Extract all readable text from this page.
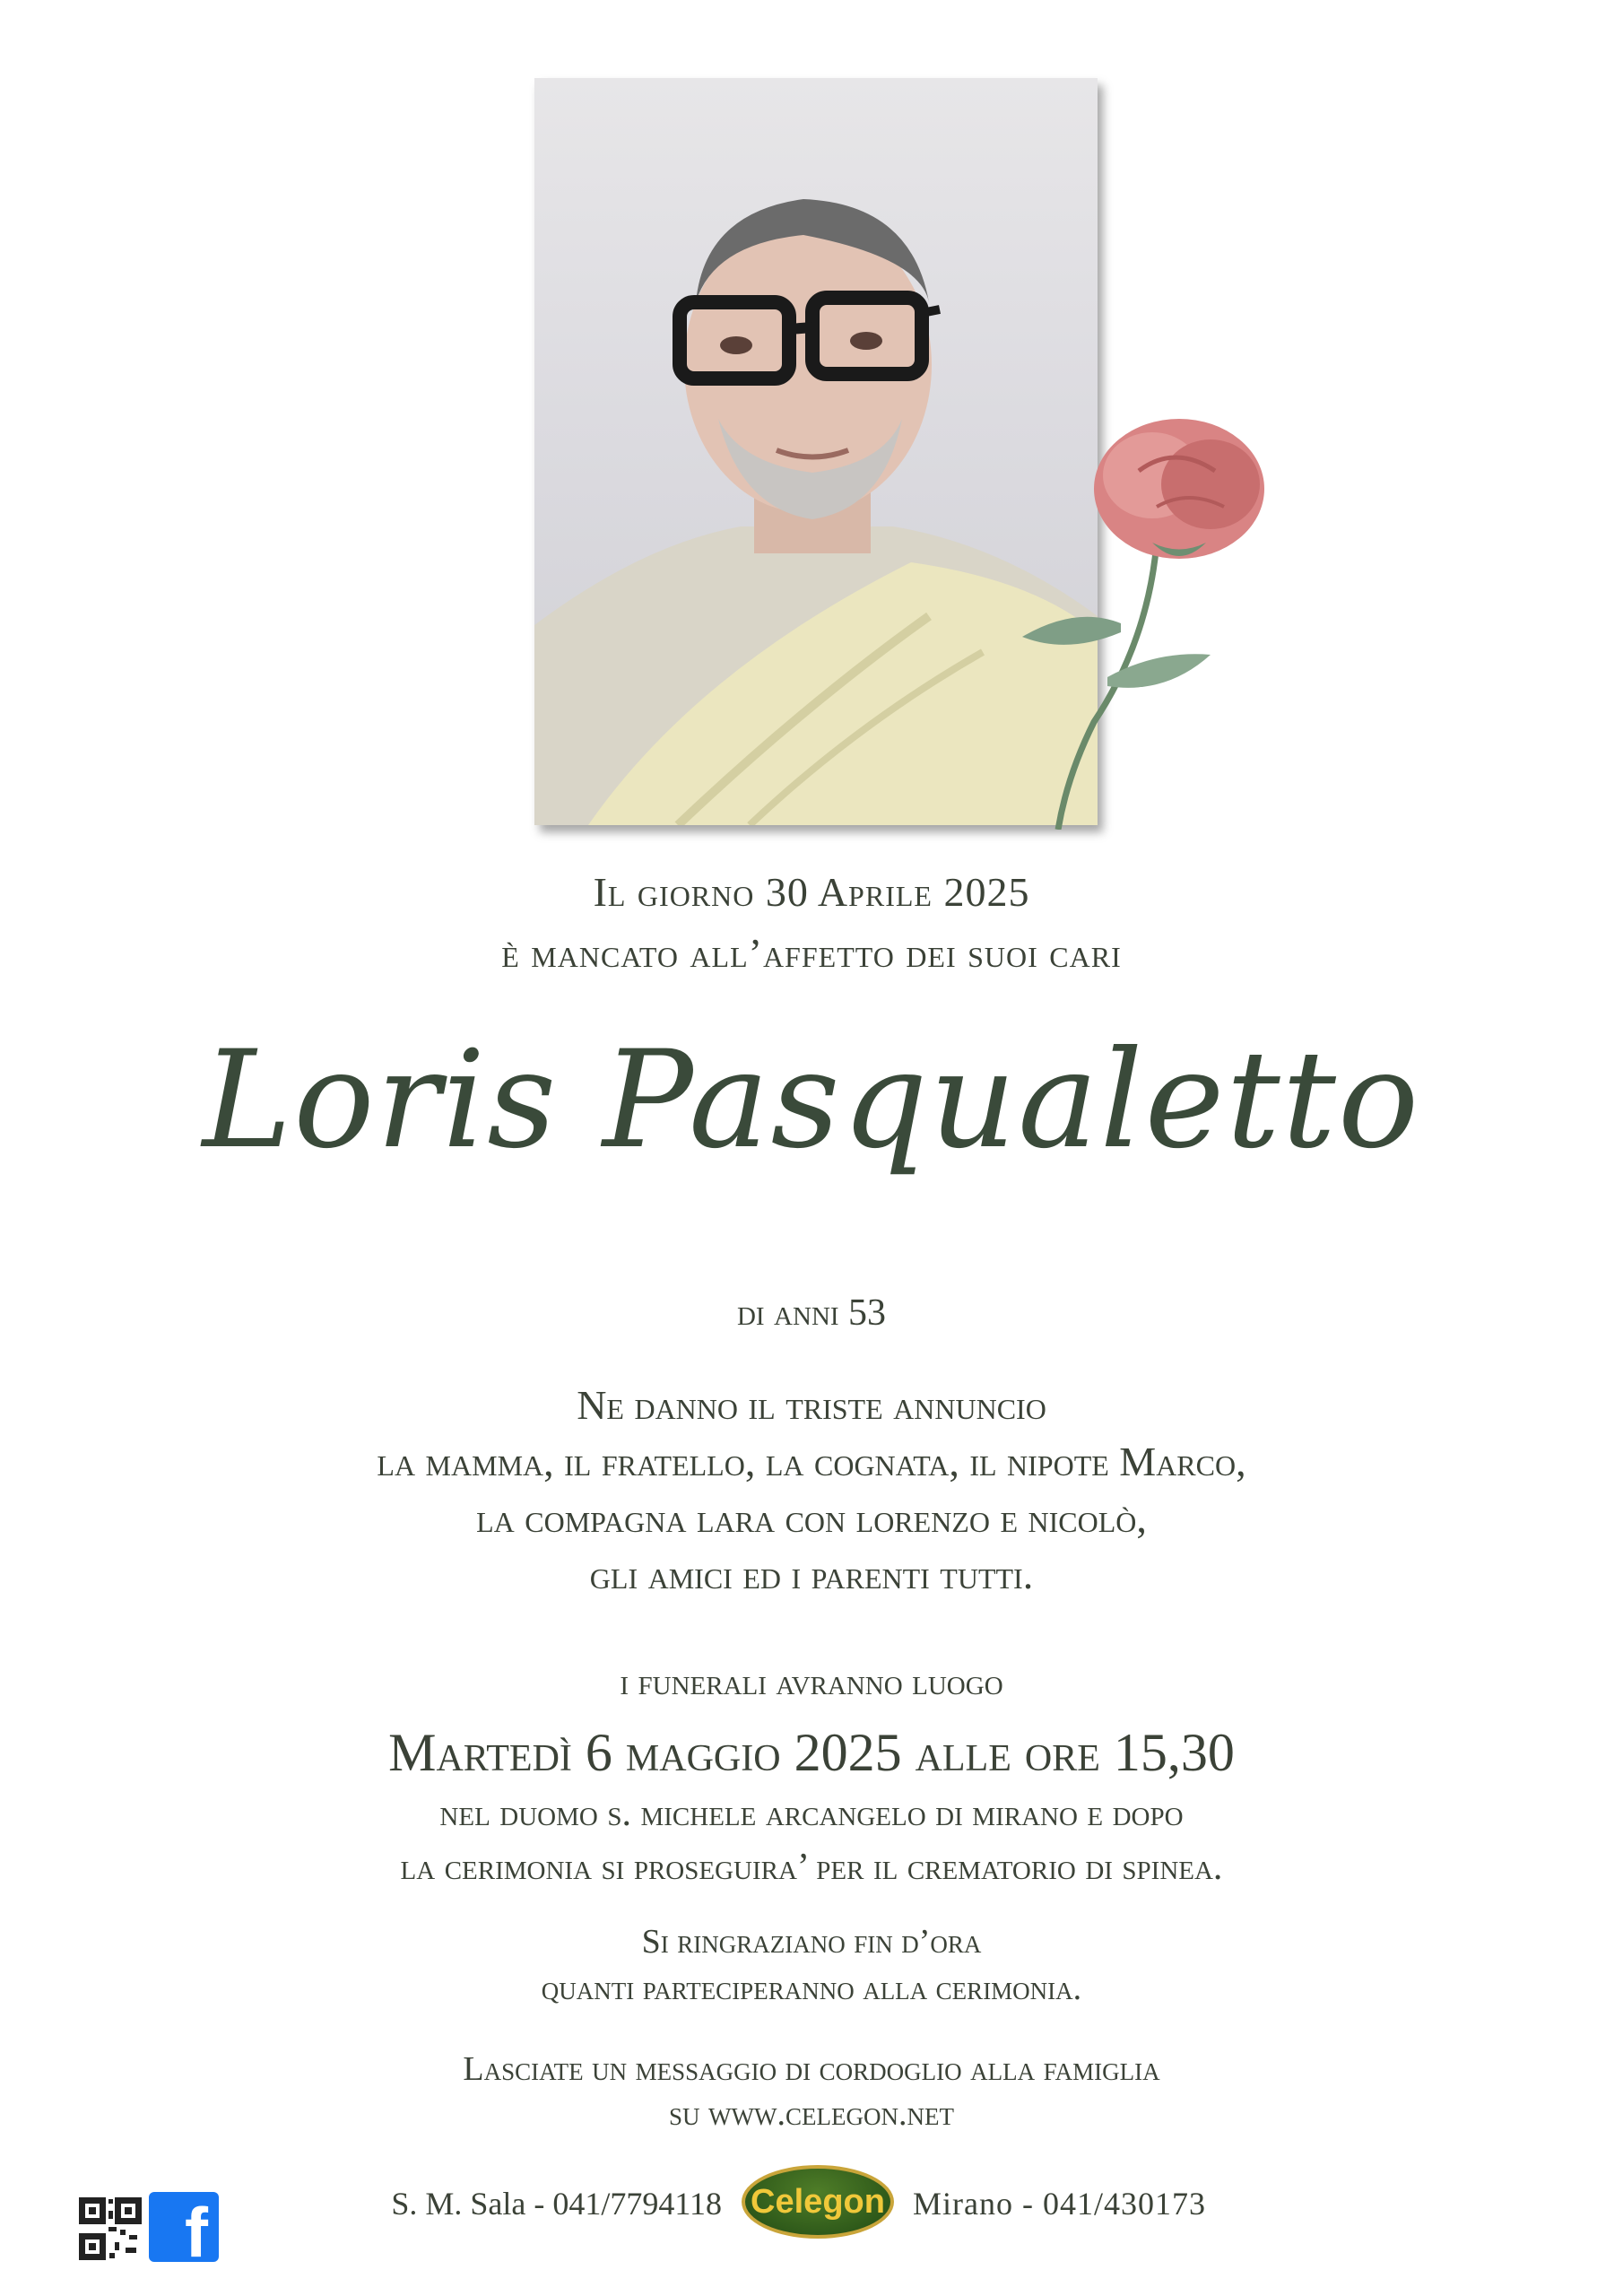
Il giorno 30 Aprile 2025
è mancato all’affetto dei suoi cari
Loris Pasqualetto
di anni 53
Ne danno il triste annuncio
la mamma, il fratello, la cognata, il nipote Marco,
la compagna lara con lorenzo e nicolò,
gli amici ed i parenti tutti.
i funerali avranno luogo
Martedì 6 maggio 2025 alle ore 15,30
nel duomo s. michele arcangelo di mirano e dopo
la cerimonia si proseguira’ per il crematorio di spinea.
Si ringraziano fin d’ora
quanti parteciperanno alla cerimonia.
Lasciate un messaggio di cordoglio alla famiglia
su www.celegon.net
f	S. M. Sala - 041/7794118 Celegon Mirano - 041/430173
